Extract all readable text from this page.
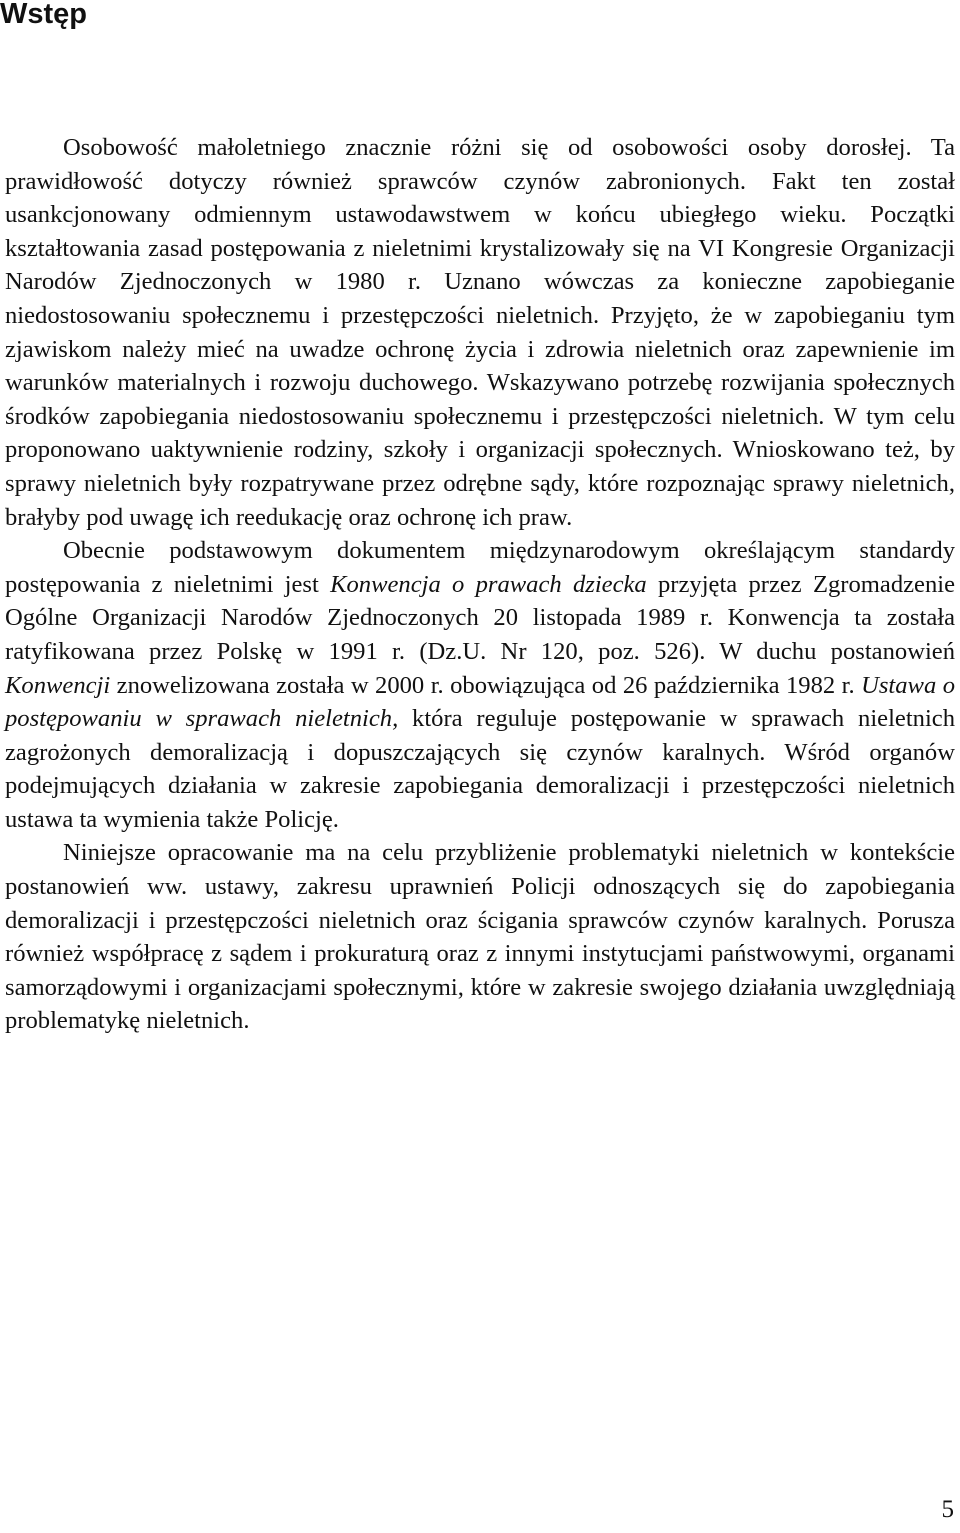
Wstęp

Osobowość małoletniego znacznie różni się od osobowości osoby dorosłej. Ta prawidłowość dotyczy również sprawców czynów zabronionych. Fakt ten został usankcjonowany odmiennym ustawodawstwem w końcu ubiegłego wieku. Początki kształtowania zasad postępowania z nieletnimi krystalizowały się na VI Kongresie Organizacji Narodów Zjednoczonych w 1980 r. Uznano wówczas za konieczne zapobieganie niedostosowaniu społecznemu i przestępczości nieletnich. Przyjęto, że w zapobieganiu tym zjawiskom należy mieć na uwadze ochronę życia i zdrowia nieletnich oraz zapewnienie im warunków materialnych i rozwoju duchowego. Wskazywano potrzebę rozwijania społecznych środków zapobiegania niedostosowaniu społecznemu i przestępczości nieletnich. W tym celu proponowano uaktywnienie rodziny, szkoły i organizacji społecznych. Wnioskowano też, by sprawy nieletnich były rozpatrywane przez odrębne sądy, które rozpoznając sprawy nieletnich, brałyby pod uwagę ich reedukację oraz ochronę ich praw.

Obecnie podstawowym dokumentem międzynarodowym określającym standardy postępowania z nieletnimi jest Konwencja o prawach dziecka przyjęta przez Zgromadzenie Ogólne Organizacji Narodów Zjednoczonych 20 listopada 1989 r. Konwencja ta została ratyfikowana przez Polskę w 1991 r. (Dz.U. Nr 120, poz. 526). W duchu postanowień Konwencji znowelizowana została w 2000 r. obowiązująca od 26 października 1982 r. Ustawa o postępowaniu w sprawach nieletnich, która reguluje postępowanie w sprawach nieletnich zagrożonych demoralizacją i dopuszczających się czynów karalnych. Wśród organów podejmujących działania w zakresie zapobiegania demoralizacji i przestępczości nieletnich ustawa ta wymienia także Policję.

Niniejsze opracowanie ma na celu przybliżenie problematyki nieletnich w kontekście postanowień ww. ustawy, zakresu uprawnień Policji odnoszących się do zapobiegania demoralizacji i przestępczości nieletnich oraz ścigania sprawców czynów karalnych. Porusza również współpracę z sądem i prokuraturą oraz z innymi instytucjami państwowymi, organami samorządowymi i organizacjami społecznymi, które w zakresie swojego działania uwzględniają problematykę nieletnich.

5
